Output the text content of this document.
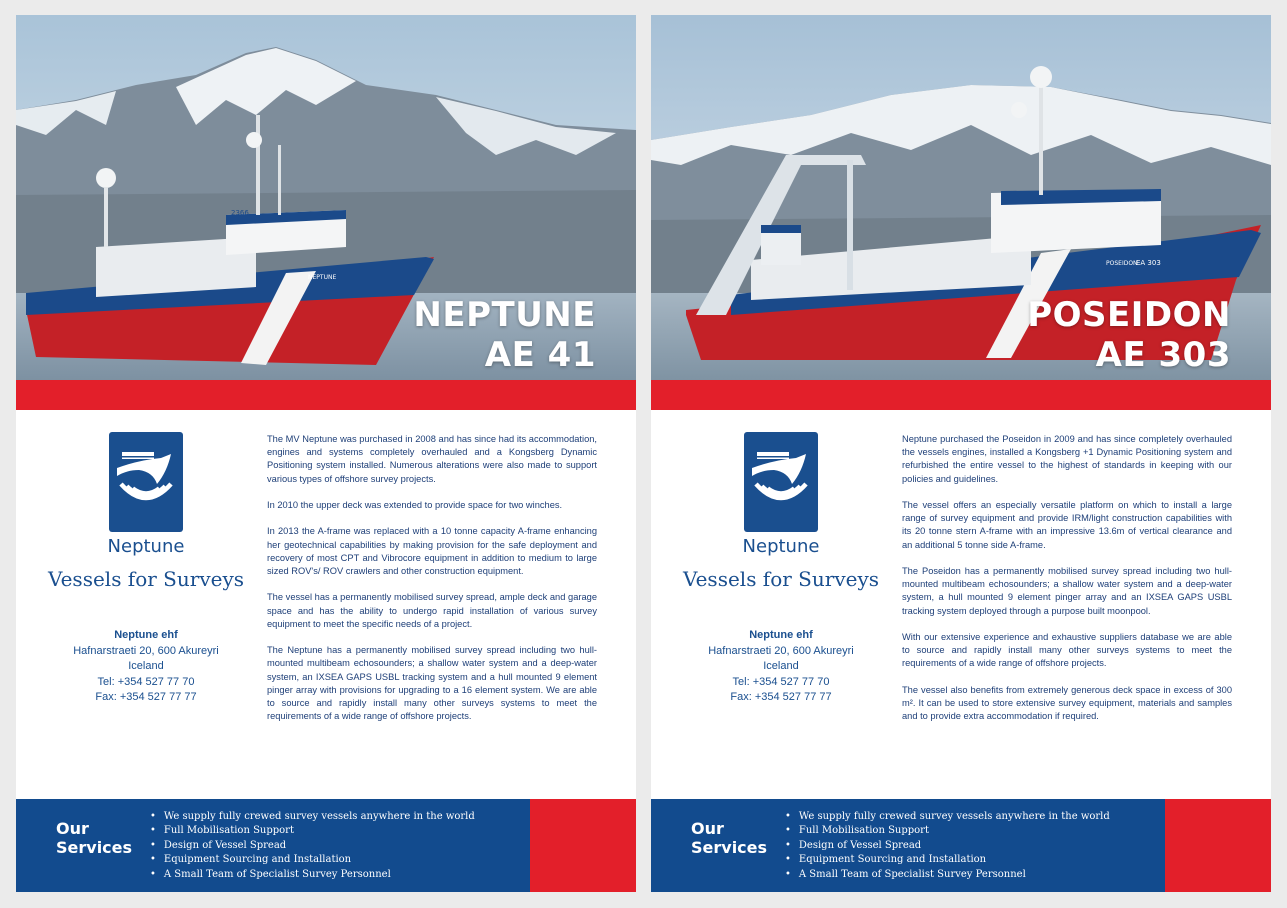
NEPTUNE
2366
NEPTUNE
AE 41
Neptune
Vessels for Surveys
Neptune ehf
Hafnarstraeti 20, 600 Akureyri
Iceland
Tel: +354 527 77 70
Fax: +354 527 77 77

The MV Neptune was purchased in 2008 and has since had its accommodation, engines and systems completely overhauled and a Kongsberg Dynamic Positioning system installed. Numerous alterations were also made to support various types of offshore survey projects.

In 2010 the upper deck was extended to provide space for two winches.

In 2013 the A-frame was replaced with a 10 tonne capacity A-frame enhancing her geotechnical capabilities by making provision for the safe deployment and recovery of most CPT and Vibrocore equipment in addition to medium to large sized ROV's/ ROV crawlers and other construction equipment.

The vessel has a permanently mobilised survey spread, ample deck and garage space and has the ability to undergo rapid installation of various survey equipment to meet the specific needs of a project.

The Neptune has a permanently mobilised survey spread including two hull-mounted multibeam echosounders; a shallow water system and a deep-water system, an IXSEA GAPS USBL tracking system and a hull mounted 9 element pinger array with provisions for upgrading to a 16 element system. We are able to source and rapidly install many other surveys systems to meet the requirements of a wide range of offshore projects.

Our
Services
• We supply fully crewed survey vessels anywhere in the world
• Full Mobilisation Support
• Design of Vessel Spread
• Equipment Sourcing and Installation
• A Small Team of Specialist Survey Personnel
POSEIDON
EA 303
POSEIDON
AE 303
Neptune
Vessels for Surveys
Neptune ehf
Hafnarstraeti 20, 600 Akureyri
Iceland
Tel: +354 527 77 70
Fax: +354 527 77 77

Neptune purchased the Poseidon in 2009 and has since completely overhauled the vessels engines, installed a Kongsberg +1 Dynamic Positioning system and refurbished the entire vessel to the highest of standards in keeping with our policies and guidelines.

The vessel offers an especially versatile platform on which to install a large range of survey equipment and provide IRM/light construction capabilities with its 20 tonne stern A-frame with an impressive 13.6m of vertical clearance and an additional 5 tonne side A-frame.

The Poseidon has a permanently mobilised survey spread including two hull-mounted multibeam echosounders; a shallow water system and a deep-water system, a hull mounted 9 element pinger array and an IXSEA GAPS USBL tracking system deployed through a purpose built moonpool.

With our extensive experience and exhaustive suppliers database we are able to source and rapidly install many other surveys systems to meet the requirements of a wide range of offshore projects.

The vessel also benefits from extremely generous deck space in excess of 300 m². It can be used to store extensive survey equipment, materials and samples and to provide extra accommodation if required.

Our
Services
• We supply fully crewed survey vessels anywhere in the world
• Full Mobilisation Support
• Design of Vessel Spread
• Equipment Sourcing and Installation
• A Small Team of Specialist Survey Personnel
